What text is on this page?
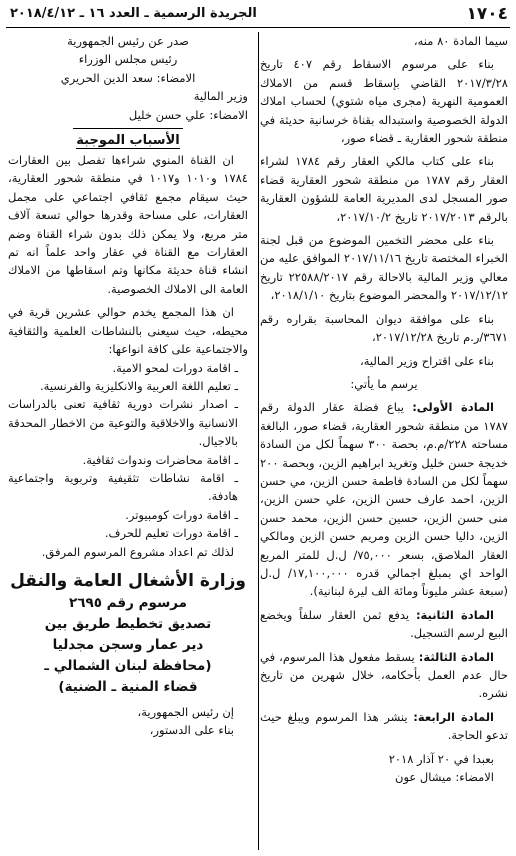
١٧٠٤
الجريدة الرسمية ـ العدد ١٦ ـ ٢٠١٨/٤/١٢

سيما المادة ٨٠ منه،

بناء على مرسوم الاسقاط رقم ٤٠٧ تاريخ ٢٠١٧/٣/٢٨ القاضي بإسقاط قسم من الاملاك العمومية النهرية (مجرى مياه شتوي) لحساب املاك الدولة الخصوصية واستبداله بقناة خرسانية حديثة في منطقة شحور العقارية ـ قضاء صور،

بناء على كتاب مالكي العقار رقم ١٧٨٤ لشراء العقار رقم ١٧٨٧ من منطقة شحور العقارية قضاء صور المسجل لدى المديرية العامة للشؤون العقارية بالرقم ٢٠١٧/٢٠١٣ تاريخ ٢٠١٧/١٠/٢،

بناء على محضر التخمين الموضوع من قبل لجنة الخبراء المختصة تاريخ ٢٠١٧/١١/١٦ الموافق عليه من معالي وزير المالية بالاحالة رقم ٢٢٥٨٨/٢٠١٧ تاريخ ٢٠١٧/١٢/١٢ والمحضر الموضوع بتاريخ ٢٠١٨/١/١٠،

بناء على موافقة ديوان المحاسبة بقراره رقم ٣٦٧١/ر.م تاريخ ٢٠١٧/١٢/٢٨،

بناء على اقتراح وزير المالية،

يرسم ما يأتي:

المادة الأولى: يباع فضلة عقار الدولة رقم ١٧٨٧ من منطقة شحور العقارية، قضاء صور، البالغة مساحته ٢٢٨/م.م، بحصة ٣٠٠ سهماً لكل من السادة خديجة حسن خليل وتغريد ابراهيم الزين، وبحصة ٢٠٠ سهماً لكل من السادة فاطمة حسن الزين، مي حسن الزين، احمد عارف حسن الزين، علي حسن الزين، منى حسن الزين، حسين حسن الزين، محمد حسن الزين، داليا حسن الزين ومريم حسن الزين ومالكي العقار الملاصق، بسعر ٧٥,٠٠٠/ ل.ل للمتر المربع الواحد اي بمبلغ اجمالي قدره ١٧,١٠٠,٠٠٠/ ل.ل (سبعة عشر مليوناً ومائة الف ليرة لبنانية).

المادة الثانية: يدفع ثمن العقار سلفاً ويخضع البيع لرسم التسجيل.

المادة الثالثة: يسقط مفعول هذا المرسوم، في حال عدم العمل بأحكامه، خلال شهرين من تاريخ نشره.

المادة الرابعة: ينشر هذا المرسوم ويبلغ حيث تدعو الحاجة.

بعبدا في ٢٠ آذار ٢٠١٨

الامضاء: ميشال عون

صدر عن رئيس الجمهورية

رئيس مجلس الوزراء

الامضاء: سعد الدين الحريري

وزير المالية

الامضاء: علي حسن خليل

الأسباب الموجبة

ان القناة المنوي شراءها تفصل بين العقارات ١٧٨٤ و١٠١٠ و١٠١٧ في منطقة شحور العقارية، حيث سيقام مجمع ثقافي اجتماعي على مجمل العقارات، على مساحة وقدرها حوالي تسعة آلاف متر مربع، ولا يمكن ذلك بدون شراء القناة وضم العقارات مع القناة في عقار واحد علماً انه تم انشاء قناة حديثة مكانها وتم اسقاطها من الاملاك العامة الى الاملاك الخصوصية.

ان هذا المجمع يخدم حوالي عشرين قرية في محيطه، حيث سيعنى بالنشاطات العلمية والثقافية والاجتماعية على كافة انواعها:

ـ اقامة دورات لمحو الامية.

ـ تعليم اللغة العربية والانكليزية والفرنسية.

ـ اصدار نشرات دورية ثقافية تعنى بالدراسات الانسانية والاخلاقية والتوعية من الاخطار المحدقة بالاجيال.

ـ اقامة محاضرات وندوات ثقافية.

ـ اقامة نشاطات تثقيفية وتربوية واجتماعية هادفة.

ـ اقامة دورات كومبيوتر.

ـ اقامة دورات تعليم للحرف.

لذلك تم اعداد مشروع المرسوم المرفق.

وزارة الأشغال العامة والنقل
مرسوم رقم ٢٦٩٥
تصديق تخطيط طريق بين
دير عمار وسجن مجدليا
(محافظة لبنان الشمالي ـ
قضاء المنية ـ الضنية)

إن رئيس الجمهورية،

بناء على الدستور،
